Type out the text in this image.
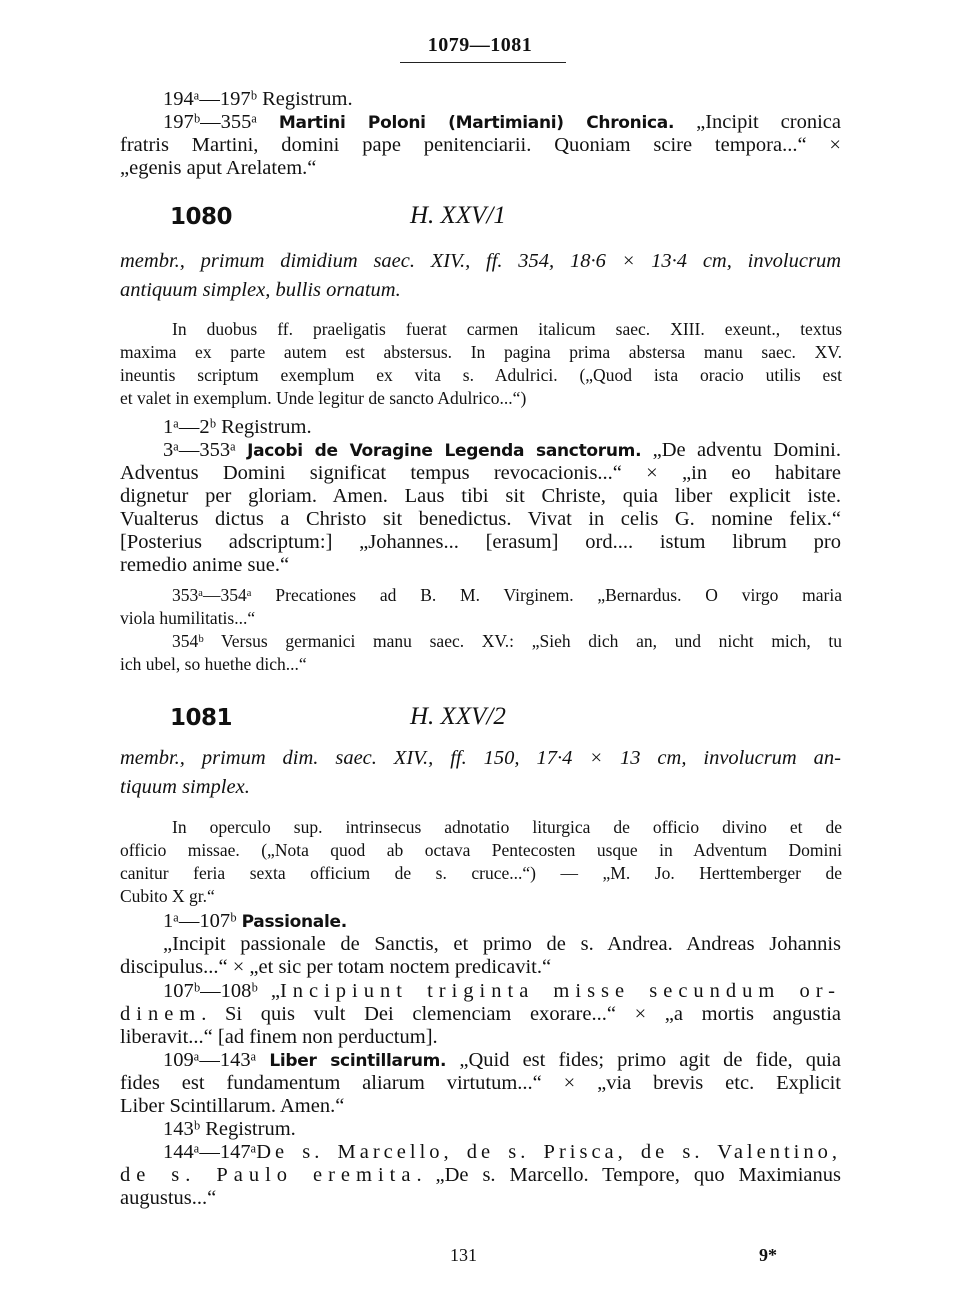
1079—1081
194ᵃ—197ᵇ Registrum.
197ᵇ—355ᵃ Martini Poloni (Martimiani) Chronica. „Incipit cronica
fratris Martini, domini pape penitenciarii. Quoniam scire tempora...“ ×
„egenis aput Arelatem.“
1080	H. XXV/1
membr., primum dimidium saec. XIV., ff. 354, 18·6 × 13·4 cm, involucrum
antiquum simplex, bullis ornatum.
In duobus ff. praeligatis fuerat carmen italicum saec. XIII. exeunt., textus
maxima ex parte autem est abstersus. In pagina prima abstersa manu saec. XV.
ineuntis scriptum exemplum ex vita s. Adulrici. („Quod ista oracio utilis est
et valet in exemplum. Unde legitur de sancto Adulrico...“)
1ᵃ—2ᵇ Registrum.
3ᵃ—353ᵃ Jacobi de Voragine Legenda sanctorum. „De adventu Domini.
Adventus Domini significat tempus revocacionis...“ × „in eo habitare
dignetur per gloriam. Amen. Laus tibi sit Christe, quia liber explicit iste.
Vualterus dictus a Christo sit benedictus. Vivat in celis G. nomine felix.“
[Posterius adscriptum:] „Johannes... [erasum] ord.... istum librum pro
remedio anime sue.“
353ᵃ—354ᵃ Precationes ad B. M. Virginem. „Bernardus. O virgo maria
viola humilitatis...“
354ᵇ Versus germanici manu saec. XV.: „Sieh dich an, und nicht mich, tu
ich ubel, so huethe dich...“
1081	H. XXV/2
membr., primum dim. saec. XIV., ff. 150, 17·4 × 13 cm, involucrum an-
tiquum simplex.
In operculo sup. intrinsecus adnotatio liturgica de officio divino et de
officio missae. („Nota quod ab octava Pentecosten usque in Adventum Domini
canitur feria sexta officium de s. cruce...“) — „M. Jo. Herttemberger de
Cubito X gr.“
1ᵃ—107ᵇ Passionale.
„Incipit passionale de Sanctis, et primo de s. Andrea. Andreas Johannis
discipulus...“ × „et sic per totam noctem predicavit.“
107ᵇ—108ᵇ „Incipiunt triginta misse secundum or-
dinem. Si quis vult Dei clemenciam exorare...“ × „a mortis angustia
liberavit...“ [ad finem non perductum].
109ᵃ—143ᵃ Liber scintillarum. „Quid est fides; primo agit de fide, quia
fides est fundamentum aliarum virtutum...“ × „via brevis etc. Explicit
Liber Scintillarum. Amen.“
143ᵇ Registrum.
144ᵃ—147ᵃDe s. Marcello, de s. Prisca, de s. Valentino,
de s. Paulo eremita. „De s. Marcello. Tempore, quo Maximianus
augustus...“
131	9*
